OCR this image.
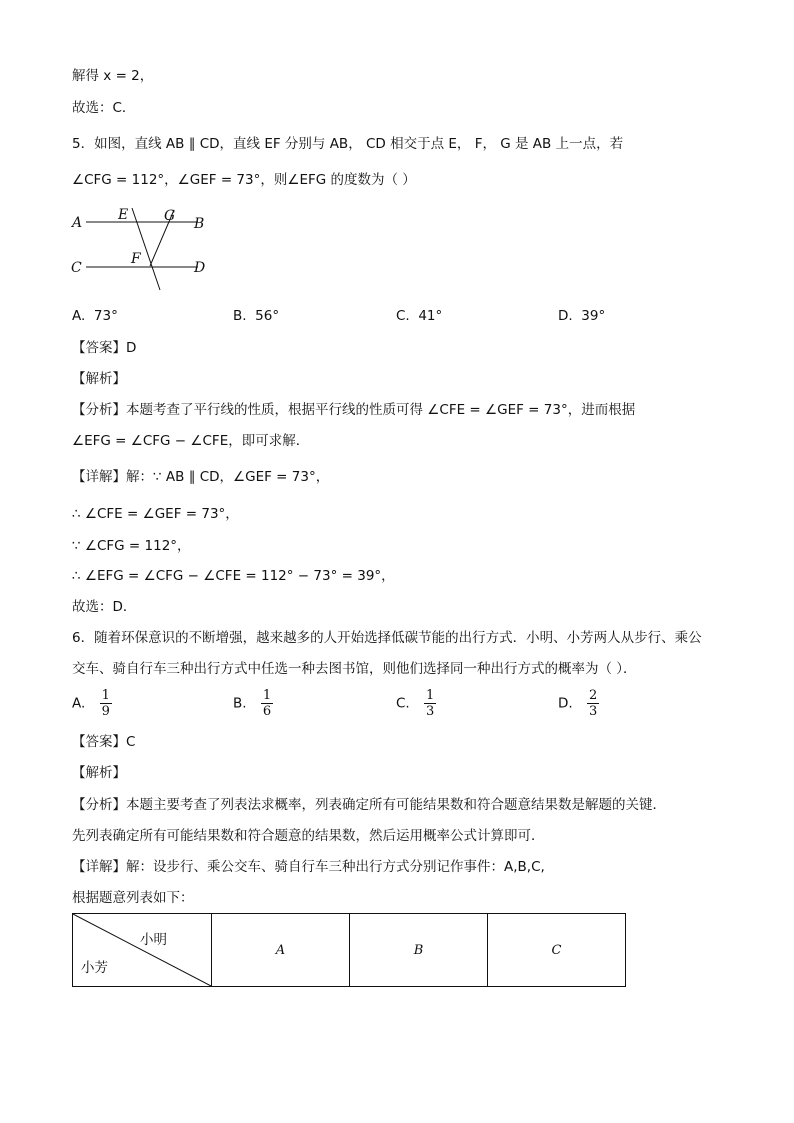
解得 x = 2，
故选：C．
5．如图，直线 AB ∥ CD，直线 EF 分别与 AB， CD 相交于点 E， F， G 是 AB 上一点，若
∠CFG = 112°，∠GEF = 73°，则∠EFG 的度数为（ ）
A	B
C	D
E
F
G
A. 73°	B. 56°	C. 41°	D. 39°
【答案】D
【解析】
【分析】本题考查了平行线的性质，根据平行线的性质可得 ∠CFE = ∠GEF = 73°，进而根据
∠EFG = ∠CFG − ∠CFE，即可求解．
【详解】解：∵ AB ∥ CD，∠GEF = 73°，
∴ ∠CFE = ∠GEF = 73°，
∵ ∠CFG = 112°，
∴ ∠EFG = ∠CFG − ∠CFE = 112° − 73° = 39°，
故选：D．
6．随着环保意识的不断增强，越来越多的人开始选择低碳节能的出行方式．小明、小芳两人从步行、乘公
交车、骑自行车三种出行方式中任选一种去图书馆，则他们选择同一种出行方式的概率为（ ）．
A. $\frac{1}{9}$	B. $\frac{1}{6}$	C. $\frac{1}{3}$	D. $\frac{2}{3}$
【答案】C
【解析】
【分析】本题主要考查了列表法求概率，列表确定所有可能结果数和符合题意结果数是解题的关键．
先列表确定所有可能结果数和符合题意的结果数，然后运用概率公式计算即可．
【详解】解：设步行、乘公交车、骑自行车三种出行方式分别记作事件：A,B,C,
根据题意列表如下：
小明
小芳
	A	B	C
